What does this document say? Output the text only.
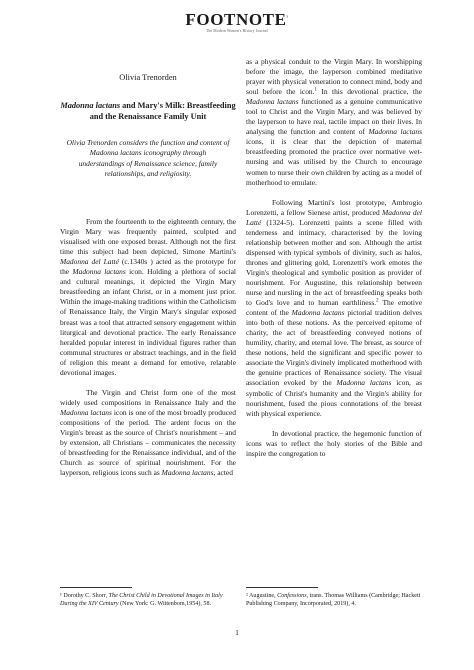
$FOOTNOTE^{^2}$
The Modern Women's History Journal
Olivia Trenorden
Madonna lactans and Mary's Milk: Breastfeeding and the Renaissance Family Unit
Olivia Trenorden considers the function and content of Madonna lactans iconography through understandings of Renaissance science, family relationships, and religiosity.

From the fourteenth to the eighteenth century, the Virgin Mary was frequently painted, sculpted and visualised with one exposed breast. Although not the first time this subject had been depicted, Simone Martini's Madonna del Latté (c.1340s ) acted as the prototype for the Madonna lactans icon. Holding a plethora of social and cultural meanings, it depicted the Virgin Mary breastfeeding an infant Christ, or in a moment just prior. Within the image-making traditions within the Catholicism of Renaissance Italy, the Virgin Mary's singular exposed breast was a tool that attracted sensory engagement within liturgical and devotional practice. The early Renaissance heralded popular interest in individual figures rather than communal structures or abstract teachings, and in the field of religion this meant a demand for emotive, relatable devotional images.

The Virgin and Christ form one of the most widely used compositions in Renaissance Italy and the Madonna lactans icon is one of the most broadly produced compositions of the period. The ardent focus on the Virgin's breast as the source of Christ's nourishment – and by extension, all Christians – communicates the necessity of breastfeeding for the Renaissance individual, and of the Church as source of spiritual nourishment. For the layperson, religious icons such as Madonna lactans, acted

as a physical conduit to the Virgin Mary. In worshipping before the image, the layperson combined meditative prayer with physical veneration to connect mind, body and soul before the icon.$^1$ In this devotional practice, the Madonna lactans functioned as a genuine communicative tool to Christ and the Virgin Mary, and was believed by the layperson to have real, tactile impact on their lives. In analysing the function and content of Madonna lactans icons, it is clear that the depiction of maternal breastfeeding promoted the practice over normative wet-nursing and was utilised by the Church to encourage women to nurse their own children by acting as a model of motherhood to emulate.

Following Martini's lost prototype, Ambrogio Lorenzetti, a fellow Sienese artist, produced Madonna del Latté (1324-5). Lorenzetti paints a scene filled with tenderness and intimacy, characterised by the loving relationship between mother and son. Although the artist dispensed with typical symbols of divinity, such as halos, thrones and glittering gold, Lorenzetti's work emotes the Virgin's theological and symbolic position as provider of nourishment. For Augustine, this relationship between nurse and nursling in the act of breastfeeding speaks both to God's love and to human earthliness.$^2$ The emotive content of the Madonna lactans pictorial tradition delves into both of these notions. As the perceived epitome of charity, the act of breastfeeding conveyed notions of humility, charity, and eternal love. The breast, as source of these notions, held the significant and specific power to associate the Virgin's divinely implicated motherhood with the genuine practices of Renaissance society. The visual association evoked by the Madonna lactans icon, as symbolic of Christ's humanity and the Virgin's ability for nourishment, fused the pious connotations of the breast with physical experience.

In devotional practice, the hegemonic function of icons was to reflect the holy stories of the Bible and inspire the congregation to

¹ Dorothy C. Shorr, The Christ Child in Devotional Images in Italy During the XIV Century (New York: G. Wittenbom,1954), 58.
² Augustine, Confessions, trans. Thomas Williams (Cambridge; Hackett Publishing Company, Incorporated, 2019), 4.
1
